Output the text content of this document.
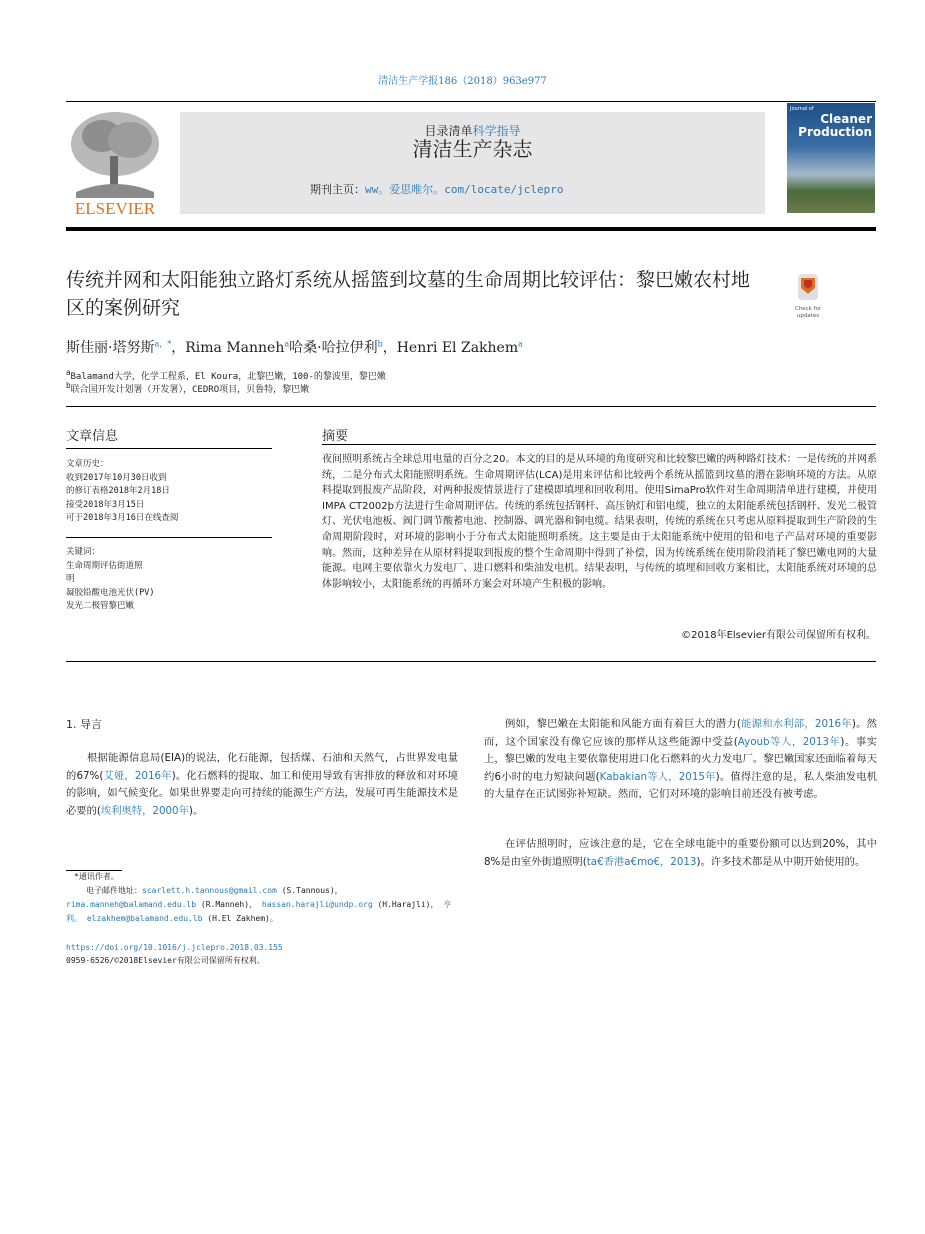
清洁生产学报186（2018）963e977
ELSEVIER
目录清单科学指导
清洁生产杂志
期刊主页：ww。爱思唯尔。com/locate/jclepro
Journal of
Cleaner Production
传统并网和太阳能独立路灯系统从摇篮到坟墓的生命周期比较评估：黎巴嫩农村地区的案例研究	Check for updates
斯佳丽·塔努斯$^{a,*}$，Rima Manneh$^a$哈桑·哈拉伊利$^b$，Henri El Zakhem$^a$
$^a$Balamand大学，化学工程系，El Koura，北黎巴嫩，100-的黎波里，黎巴嫩
$^b$联合国开发计划署（开发署），CEDRO项目，贝鲁特，黎巴嫩
文章信息
文章历史：
收到2017年10月30日收到
的修订表格2018年2月18日
接受2018年3月15日
可于2018年3月16日在线查阅
关键词：
生命周期评估街道照
明
凝胶铅酸电池光伏(PV)
发光二极管黎巴嫩
摘要
夜间照明系统占全球总用电量的百分之20。本文的目的是从环境的角度研究和比较黎巴嫩的两种路灯技术：一是传统的并网系统，二是分布式太阳能照明系统。生命周期评估(LCA)是用来评估和比较两个系统从摇篮到坟墓的潜在影响环境的方法。从原料提取到报废产品阶段，对两种报废情景进行了建模即填埋和回收利用。使用SimaPro软件对生命周期清单进行建模，并使用IMPA CT2002þ方法进行生命周期评估。传统的系统包括钢杆、高压钠灯和铝电缆，独立的太阳能系统包括钢杆、发光二极管灯、光伏电池板、阀门调节酸蓄电池、控制器、调光器和铜电缆。结果表明，传统的系统在只考虑从原料提取到生产阶段的生命周期阶段时，对环境的影响小于分布式太阳能照明系统。这主要是由于太阳能系统中使用的铅和电子产品对环境的重要影响。然而，这种差异在从原材料提取到报废的整个生命周期中得到了补偿，因为传统系统在使用阶段消耗了黎巴嫩电网的大量能源。电网主要依靠火力发电厂、进口燃料和柴油发电机。结果表明，与传统的填埋和回收方案相比，太阳能系统对环境的总体影响较小，太阳能系统的再循环方案会对环境产生积极的影响。
©2018年Elsevier有限公司保留所有权利。
1. 导言
根据能源信息局(EIA)的说法，化石能源，包括煤、石油和天然气，占世界发电量的67%(艾娅，2016年)。化石燃料的提取、加工和使用导致有害排放的释放和对环境的影响，如气候变化。如果世界要走向可持续的能源生产方法，发展可再生能源技术是必要的(埃利奥特，2000年)。
例如，黎巴嫩在太阳能和风能方面有着巨大的潜力(能源和水利部，2016年)。然而，这个国家没有像它应该的那样从这些能源中受益(Ayoub等人，2013年)。事实上，黎巴嫩的发电主要依靠使用进口化石燃料的火力发电厂。黎巴嫩国家还面临着每天约6小时的电力短缺问题(Kabakian等人，2015年)。值得注意的是，私人柴油发电机的大量存在正试图弥补短缺。然而，它们对环境的影响目前还没有被考虑。
在评估照明时，应该注意的是，它在全球电能中的重要份额可以达到20%，其中8%是由室外街道照明(ta€香港a€mo€，2013)。许多技术都是从中期开始使用的。
*通讯作者。
电子邮件地址：scarlett.h.tannous@gmail.com (S.Tannous)， rima.manneh@balamand.edu.lb (R.Manneh)， hassan.harajli@undp.org (H.Harajli)， 亨利。 elzakhem@balamand.edu.lb (H.El Zakhem)。
https://doi.org/10.1016/j.jclepro.2018.03.155
0959-6526/©2018Elsevier有限公司保留所有权利。
